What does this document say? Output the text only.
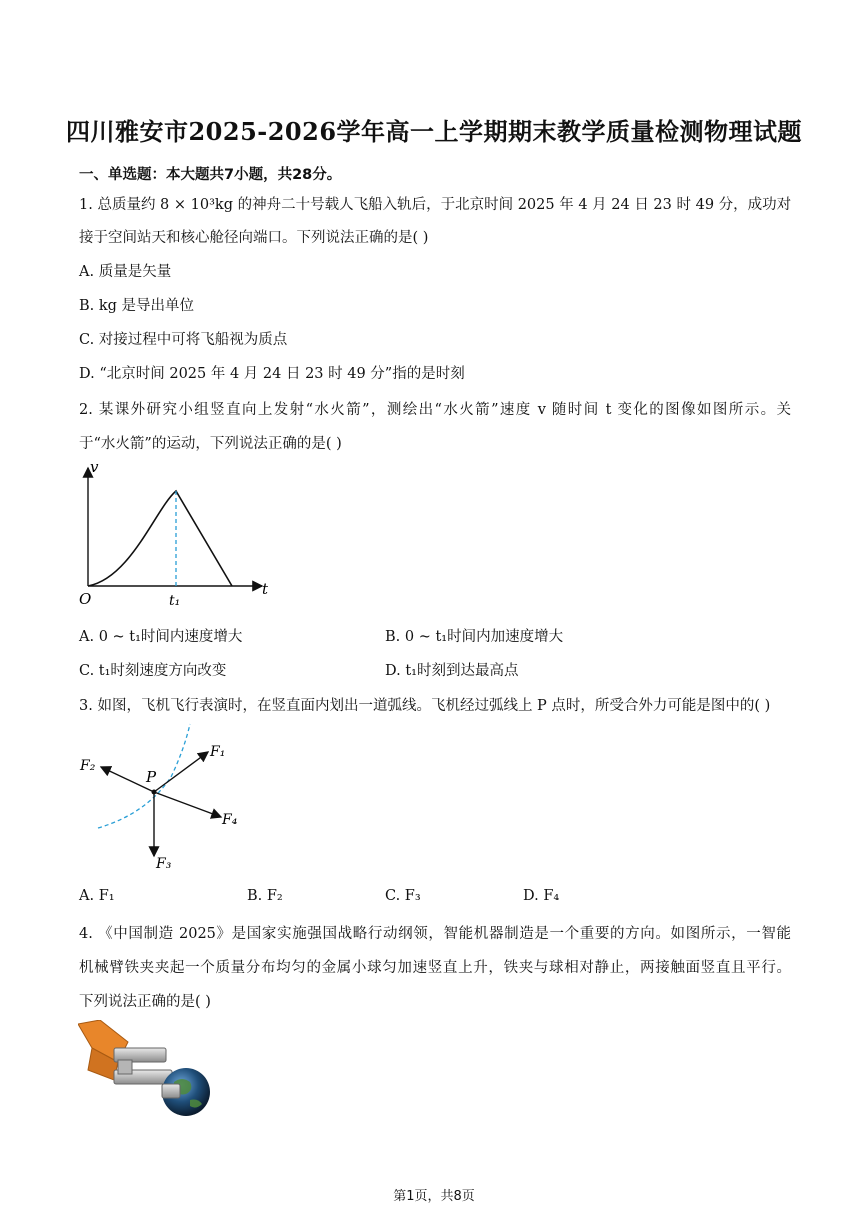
四川雅安市2025-2026学年高一上学期期末教学质量检测物理试题
一、单选题：本大题共7小题，共28分。
1. 总质量约 8 × 10³kg 的神舟二十号载人飞船入轨后，于北京时间 2025 年 4 月 24 日 23 时 49 分，成功对
接于空间站天和核心舱径向端口。下列说法正确的是( )
A. 质量是矢量
B. kg 是导出单位
C. 对接过程中可将飞船视为质点
D. “北京时间 2025 年 4 月 24 日 23 时 49 分”指的是时刻
2. 某课外研究小组竖直向上发射“水火箭”，测绘出“水火箭”速度 v 随时间 t 变化的图像如图所示。关
于“水火箭”的运动，下列说法正确的是( )
v
t
O	t₁
A. 0 ~ t₁时间内速度增大	B. 0 ~ t₁时间内加速度增大
C. t₁时刻速度方向改变	D. t₁时刻到达最高点
3. 如图，飞机飞行表演时，在竖直面内划出一道弧线。飞机经过弧线上 P 点时，所受合外力可能是图中的( )
P
F₁
F₂
F₃
F₄
A. F₁	B. F₂	C. F₃	D. F₄
4. 《中国制造 2025》是国家实施强国战略行动纲领，智能机器制造是一个重要的方向。如图所示，一智能
机械臂铁夹夹起一个质量分布均匀的金属小球匀加速竖直上升，铁夹与球相对静止，两接触面竖直且平行。
下列说法正确的是( )
第1页，共8页
